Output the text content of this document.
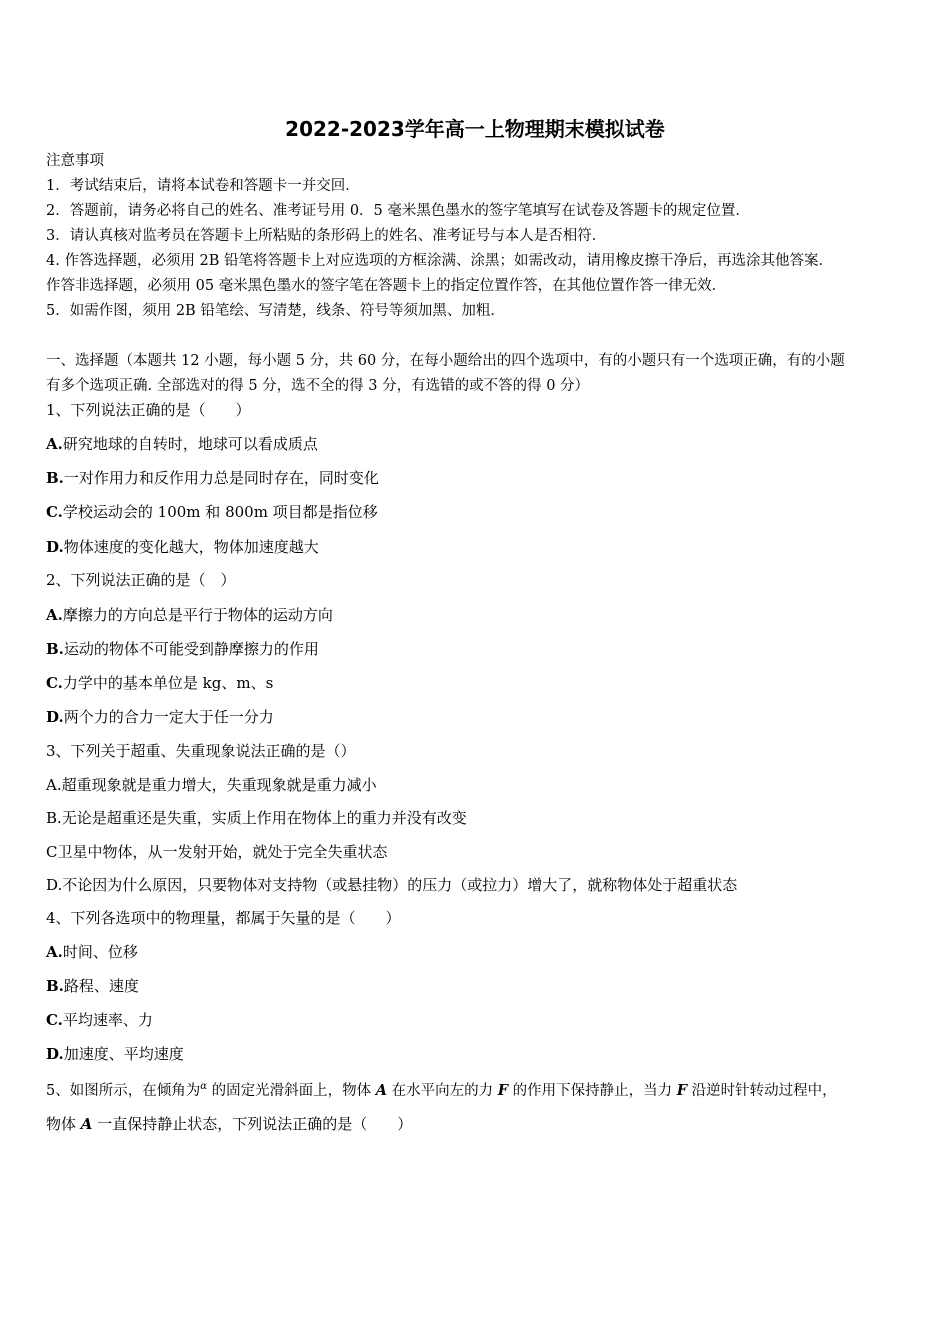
2022-2023学年高一上物理期末模拟试卷
注意事项
1．考试结束后，请将本试卷和答题卡一并交回．
2．答题前，请务必将自己的姓名、准考证号用 0．5 毫米黑色墨水的签字笔填写在试卷及答题卡的规定位置．
3．请认真核对监考员在答题卡上所粘贴的条形码上的姓名、准考证号与本人是否相符．
4. 作答选择题，必须用 2B 铅笔将答题卡上对应选项的方框涂满、涂黑；如需改动，请用橡皮擦干净后，再选涂其他答案．
作答非选择题，必须用 05 毫米黑色墨水的签字笔在答题卡上的指定位置作答，在其他位置作答一律无效．
5．如需作图，须用 2B 铅笔绘、写清楚，线条、符号等须加黑、加粗．
一、选择题（本题共 12 小题，每小题 5 分，共 60 分，在每小题给出的四个选项中，有的小题只有一个选项正确，有的小题
有多个选项正确. 全部选对的得 5 分，选不全的得 3 分，有选错的或不答的得 0 分）
1、下列说法正确的是（　　）
A.研究地球的自转时，地球可以看成质点
B.一对作用力和反作用力总是同时存在，同时变化
C.学校运动会的 100m 和 800m 项目都是指位移
D.物体速度的变化越大，物体加速度越大
2、下列说法正确的是（　）
A.摩擦力的方向总是平行于物体的运动方向
B.运动的物体不可能受到静摩擦力的作用
C.力学中的基本单位是 kg、m、s
D.两个力的合力一定大于任一分力
3、下列关于超重、失重现象说法正确的是（）
A.超重现象就是重力增大，失重现象就是重力减小
B.无论是超重还是失重，实质上作用在物体上的重力并没有改变
C卫星中物体，从一发射开始，就处于完全失重状态
D.不论因为什么原因，只要物体对支持物（或悬挂物）的压力（或拉力）增大了，就称物体处于超重状态
4、下列各选项中的物理量，都属于矢量的是（　　）
A.时间、位移
B.路程、速度
C.平均速率、力
D.加速度、平均速度
5、如图所示，在倾角为$^\alpha$ 的固定光滑斜面上，物体 A 在水平向左的力 F 的作用下保持静止，当力 F 沿逆时针转动过程中，
物体 A 一直保持静止状态，下列说法正确的是（　　）
